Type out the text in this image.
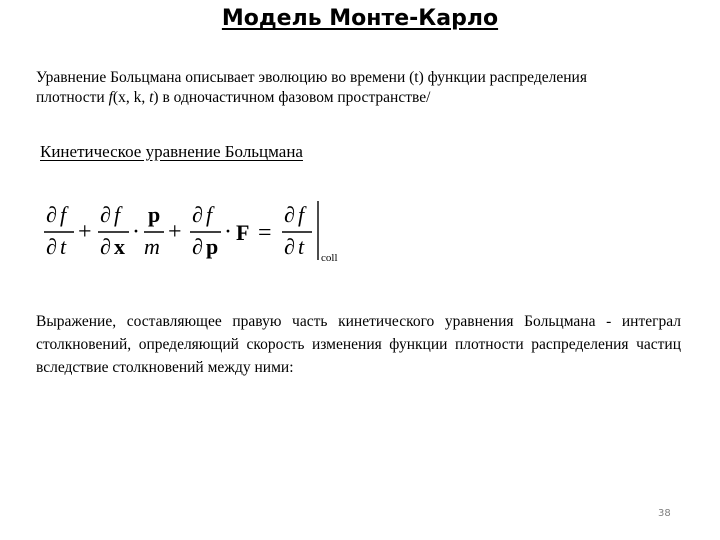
Модель Монте-Карло
Уравнение Больцмана описывает эволюцию во времени (t) функции распределения
плотности f(x, k, t) в одночастичном фазовом пространстве/
Кинетическое уравнение Больцмана
∂ f
∂ t
+
∂ f
∂ x
·
p
m
+
∂ f
∂ p
· F =
∂ f
∂ t coll
Выражение, составляющее правую часть кинетического уравнения Больцмана - интеграл столкновений, определяющий скорость изменения функции плотности распределения частиц вследствие столкновений между ними:
38
